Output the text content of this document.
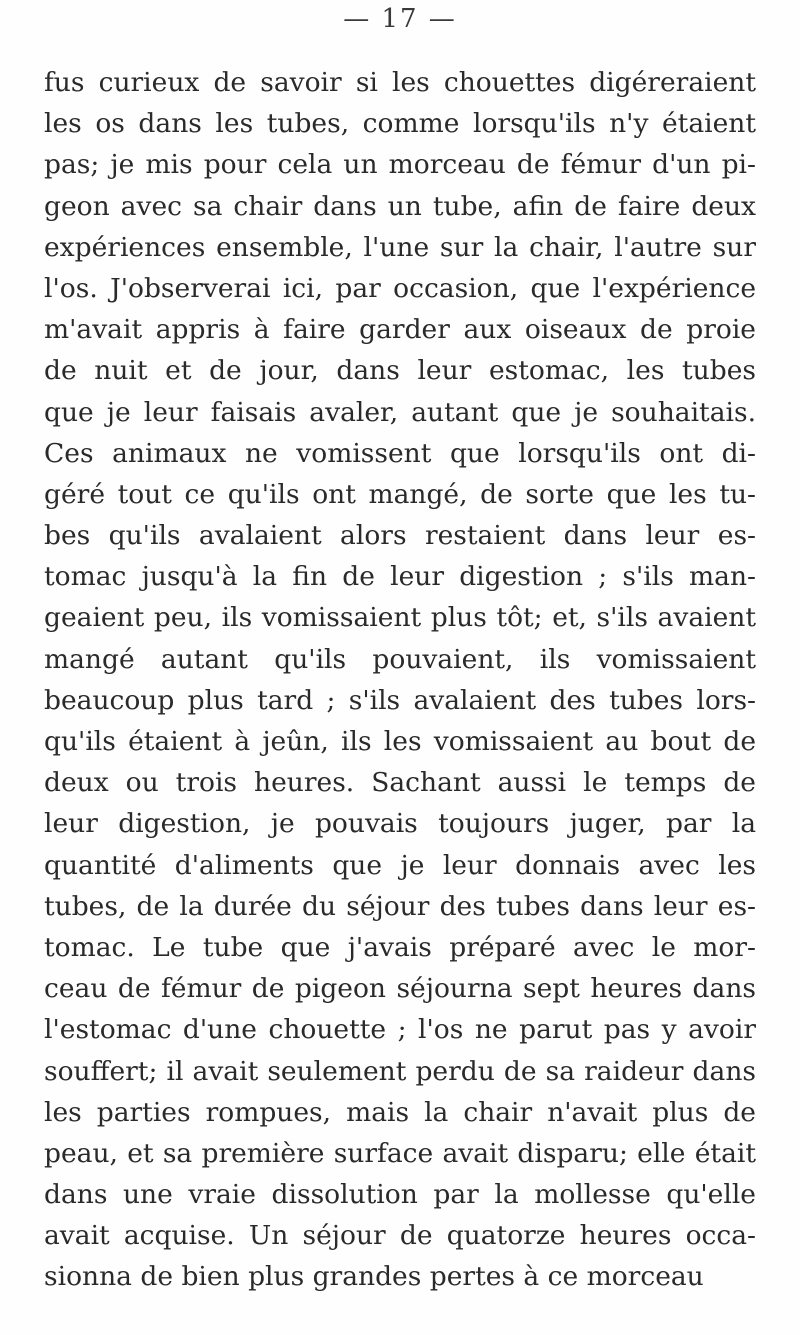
— 17 —
fus curieux de savoir si les chouettes digéreraient
les os dans les tubes, comme lorsqu'ils n'y étaient
pas; je mis pour cela un morceau de fémur d'un pi-
geon avec sa chair dans un tube, afin de faire deux
expériences ensemble, l'une sur la chair, l'autre sur
l'os. J'observerai ici, par occasion, que l'expérience
m'avait appris à faire garder aux oiseaux de proie
de nuit et de jour, dans leur estomac, les tubes
que je leur faisais avaler, autant que je souhaitais.
Ces animaux ne vomissent que lorsqu'ils ont di-
géré tout ce qu'ils ont mangé, de sorte que les tu-
bes qu'ils avalaient alors restaient dans leur es-
tomac jusqu'à la fin de leur digestion ; s'ils man-
geaient peu, ils vomissaient plus tôt; et, s'ils avaient
mangé autant qu'ils pouvaient, ils vomissaient
beaucoup plus tard ; s'ils avalaient des tubes lors-
qu'ils étaient à jeûn, ils les vomissaient au bout de
deux ou trois heures. Sachant aussi le temps de
leur digestion, je pouvais toujours juger, par la
quantité d'aliments que je leur donnais avec les
tubes, de la durée du séjour des tubes dans leur es-
tomac. Le tube que j'avais préparé avec le mor-
ceau de fémur de pigeon séjourna sept heures dans
l'estomac d'une chouette ; l'os ne parut pas y avoir
souffert; il avait seulement perdu de sa raideur dans
les parties rompues, mais la chair n'avait plus de
peau, et sa première surface avait disparu; elle était
dans une vraie dissolution par la mollesse qu'elle
avait acquise. Un séjour de quatorze heures occa-
sionna de bien plus grandes pertes à ce morceau
